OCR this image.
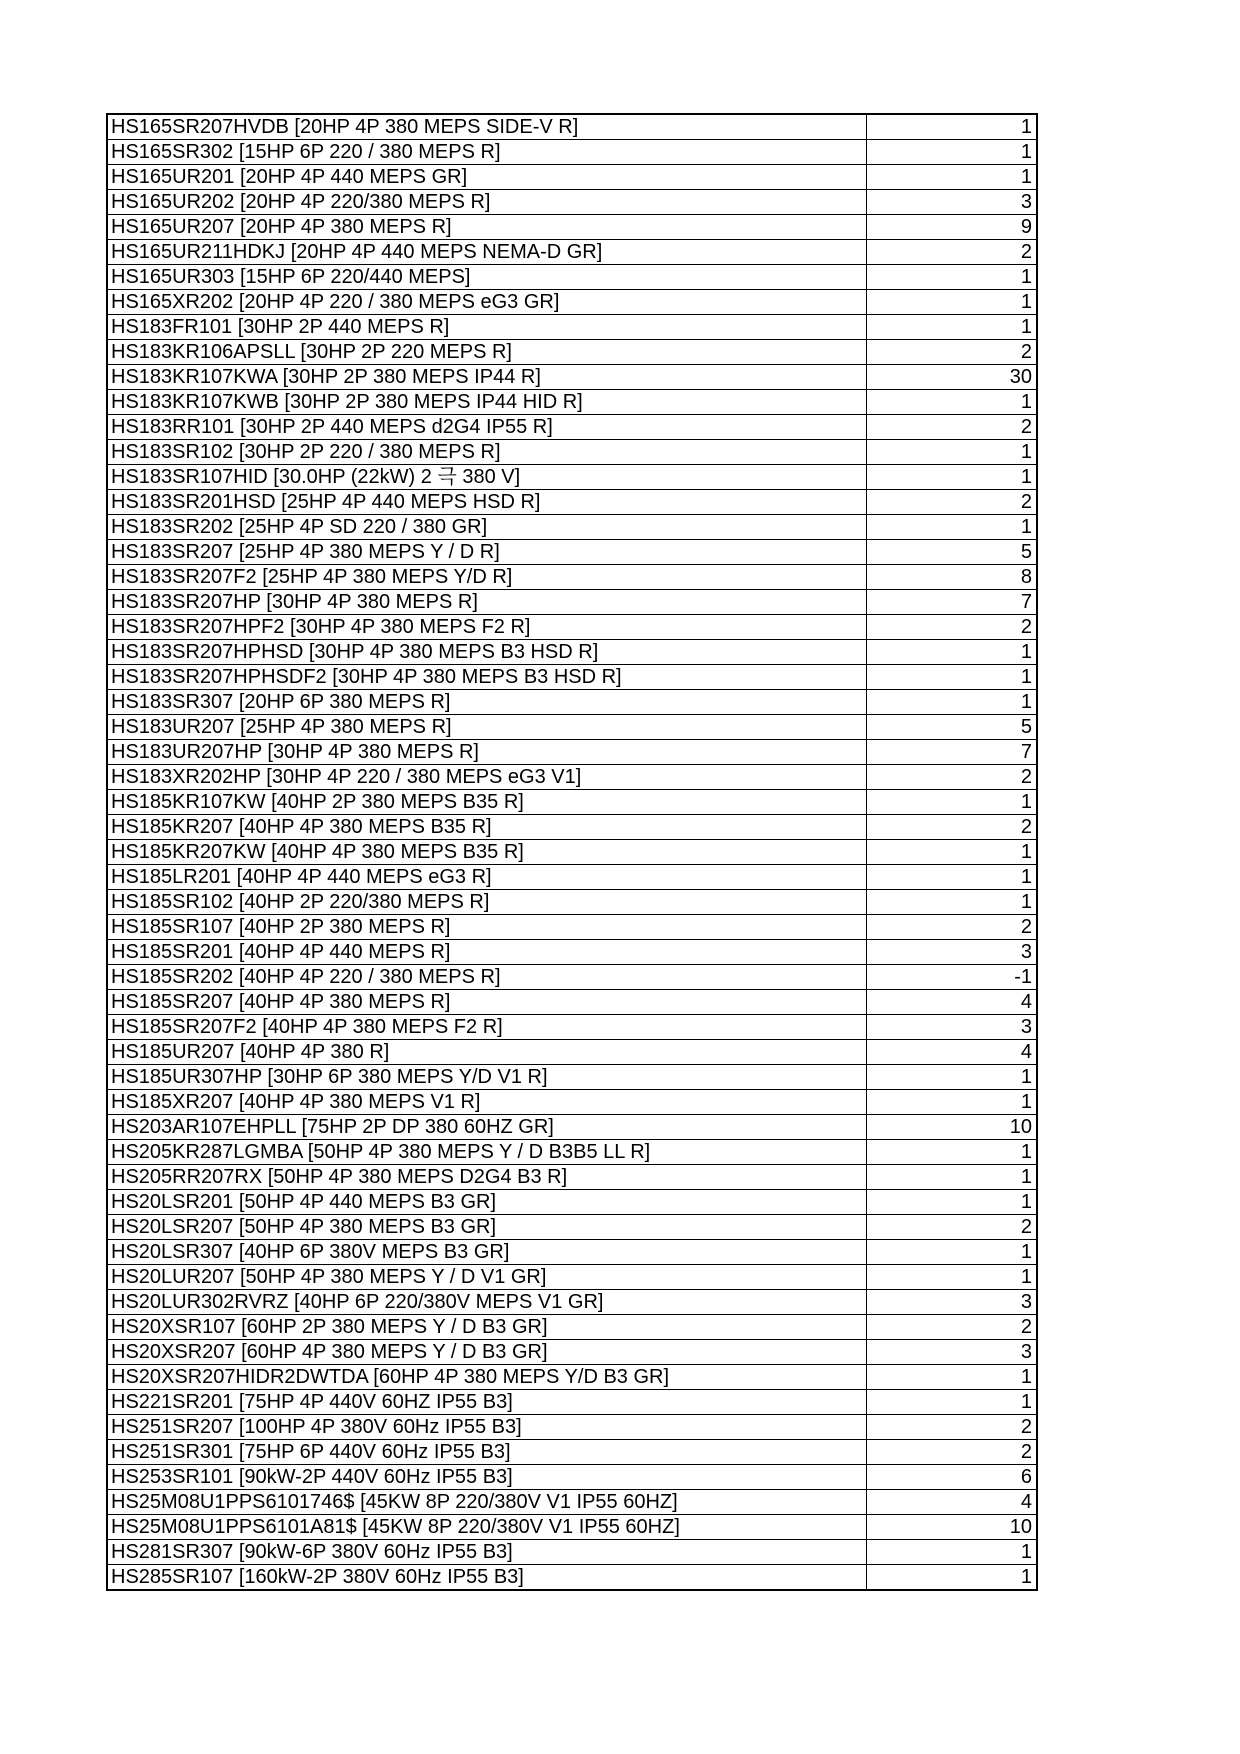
HS165SR207HVDB [20HP 4P 380 MEPS SIDE-V R]	1
HS165SR302 [15HP 6P 220 / 380 MEPS R]	1
HS165UR201 [20HP 4P 440 MEPS GR]	1
HS165UR202 [20HP 4P 220/380 MEPS R]	3
HS165UR207 [20HP 4P 380 MEPS R]	9
HS165UR211HDKJ [20HP 4P 440 MEPS NEMA-D GR]	2
HS165UR303 [15HP 6P 220/440 MEPS]	1
HS165XR202 [20HP 4P 220 / 380 MEPS eG3 GR]	1
HS183FR101 [30HP 2P 440 MEPS R]	1
HS183KR106APSLL [30HP 2P 220 MEPS R]	2
HS183KR107KWA [30HP 2P 380 MEPS IP44 R]	30
HS183KR107KWB [30HP 2P 380 MEPS IP44 HID R]	1
HS183RR101 [30HP 2P 440 MEPS d2G4 IP55 R]	2
HS183SR102 [30HP 2P 220 / 380 MEPS R]	1
HS183SR107HID [30.0HP (22kW) 2 극 380 V]	1
HS183SR201HSD [25HP 4P 440 MEPS HSD R]	2
HS183SR202 [25HP 4P SD 220 / 380 GR]	1
HS183SR207 [25HP 4P 380 MEPS Y / D R]	5
HS183SR207F2 [25HP 4P 380 MEPS Y/D R]	8
HS183SR207HP [30HP 4P 380 MEPS R]	7
HS183SR207HPF2 [30HP 4P 380 MEPS F2 R]	2
HS183SR207HPHSD [30HP 4P 380 MEPS B3 HSD R]	1
HS183SR207HPHSDF2 [30HP 4P 380 MEPS B3 HSD R]	1
HS183SR307 [20HP 6P 380 MEPS R]	1
HS183UR207 [25HP 4P 380 MEPS R]	5
HS183UR207HP [30HP 4P 380 MEPS R]	7
HS183XR202HP [30HP 4P 220 / 380 MEPS eG3 V1]	2
HS185KR107KW [40HP 2P 380 MEPS B35 R]	1
HS185KR207 [40HP 4P 380 MEPS B35 R]	2
HS185KR207KW [40HP 4P 380 MEPS B35 R]	1
HS185LR201 [40HP 4P 440 MEPS eG3 R]	1
HS185SR102 [40HP 2P 220/380 MEPS R]	1
HS185SR107 [40HP 2P 380 MEPS R]	2
HS185SR201 [40HP 4P 440 MEPS R]	3
HS185SR202 [40HP 4P 220 / 380 MEPS R]	-1
HS185SR207 [40HP 4P 380 MEPS R]	4
HS185SR207F2 [40HP 4P 380 MEPS F2 R]	3
HS185UR207 [40HP 4P 380 R]	4
HS185UR307HP [30HP 6P 380 MEPS Y/D V1 R]	1
HS185XR207 [40HP 4P 380 MEPS V1 R]	1
HS203AR107EHPLL [75HP 2P DP 380 60HZ GR]	10
HS205KR287LGMBA [50HP 4P 380 MEPS Y / D B3B5 LL R]	1
HS205RR207RX [50HP 4P 380 MEPS D2G4 B3 R]	1
HS20LSR201 [50HP 4P 440 MEPS B3 GR]	1
HS20LSR207 [50HP 4P 380 MEPS B3 GR]	2
HS20LSR307 [40HP 6P 380V MEPS B3 GR]	1
HS20LUR207 [50HP 4P 380 MEPS Y / D V1 GR]	1
HS20LUR302RVRZ [40HP 6P 220/380V MEPS V1 GR]	3
HS20XSR107 [60HP 2P 380 MEPS Y / D B3 GR]	2
HS20XSR207 [60HP 4P 380 MEPS Y / D B3 GR]	3
HS20XSR207HIDR2DWTDA [60HP 4P 380 MEPS Y/D B3 GR]	1
HS221SR201 [75HP 4P 440V 60HZ IP55 B3]	1
HS251SR207 [100HP 4P 380V 60Hz IP55 B3]	2
HS251SR301 [75HP 6P 440V 60Hz IP55 B3]	2
HS253SR101 [90kW-2P 440V 60Hz IP55 B3]	6
HS25M08U1PPS6101746$ [45KW 8P 220/380V V1 IP55 60HZ]	4
HS25M08U1PPS6101A81$ [45KW 8P 220/380V V1 IP55 60HZ]	10
HS281SR307 [90kW-6P 380V 60Hz IP55 B3]	1
HS285SR107 [160kW-2P 380V 60Hz IP55 B3]	1
